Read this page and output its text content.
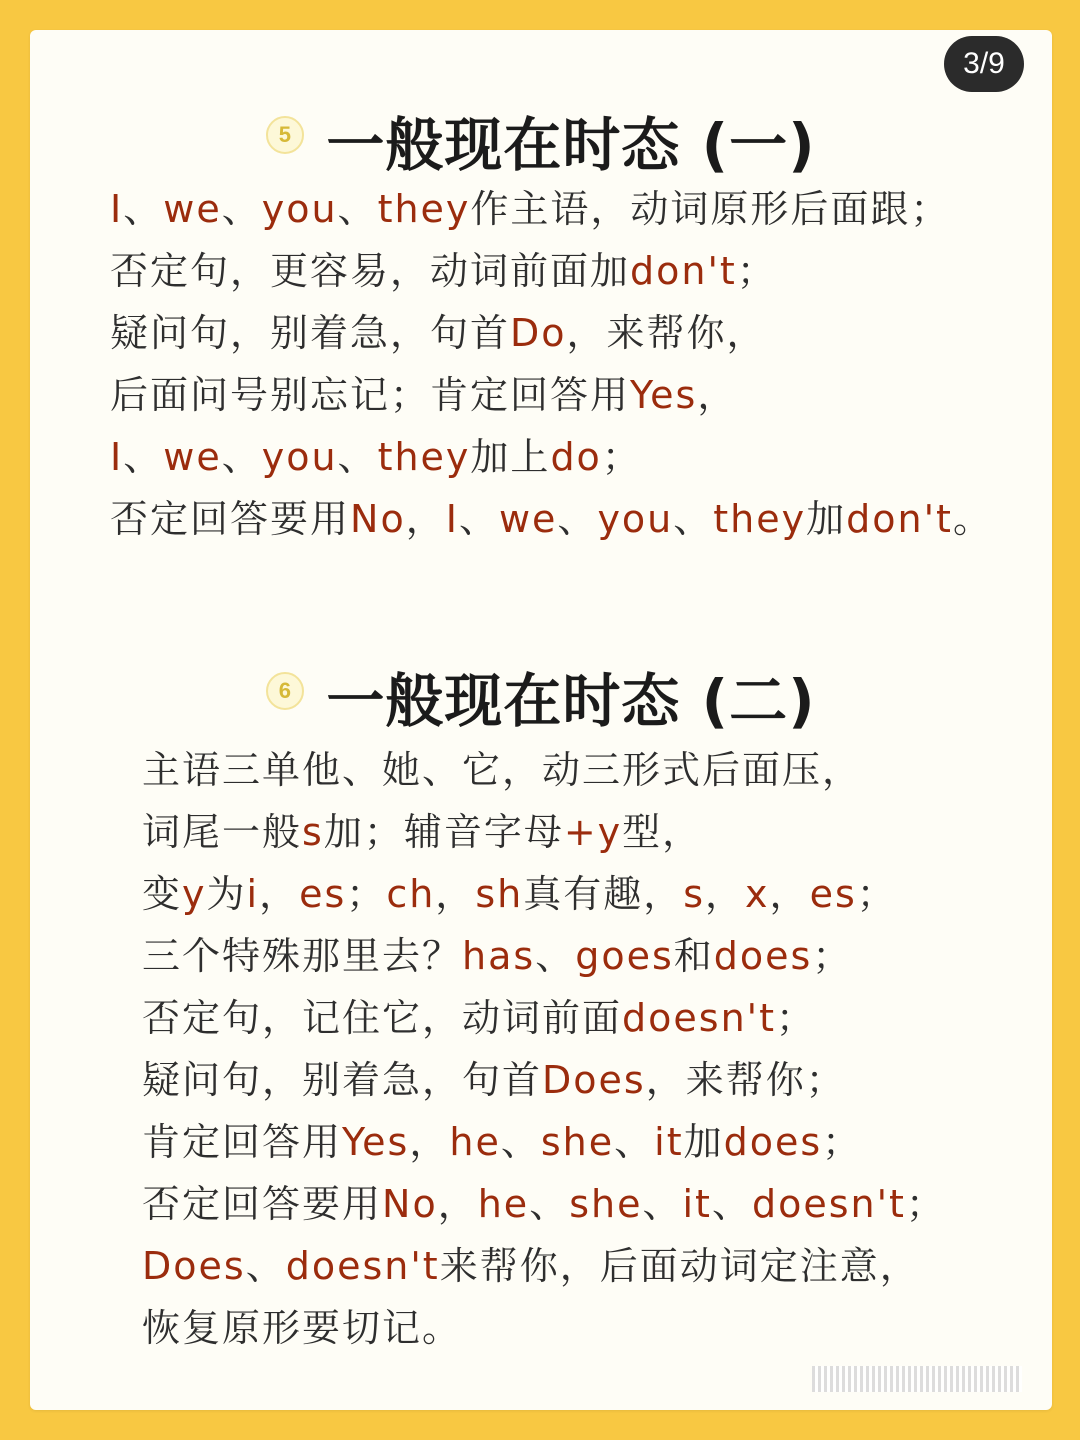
3/9
5 一般现在时态 (一)
I、we、you、they作主语，动词原形后面跟；
否定句，更容易，动词前面加don't；
疑问句，别着急，句首Do，来帮你，
后面问号别忘记；肯定回答用Yes，
I、we、you、they加上do；
否定回答要用No，I、we、you、they加don't。
6 一般现在时态 (二)
主语三单他、她、它，动三形式后面压，
词尾一般s加；辅音字母+y型，
变y为i，es；ch，sh真有趣，s，x，es；
三个特殊那里去？has、goes和does；
否定句，记住它，动词前面doesn't；
疑问句，别着急，句首Does，来帮你；
肯定回答用Yes，he、she、it加does；
否定回答要用No，he、she、it、doesn't；
Does、doesn't来帮你，后面动词定注意，
恢复原形要切记。
